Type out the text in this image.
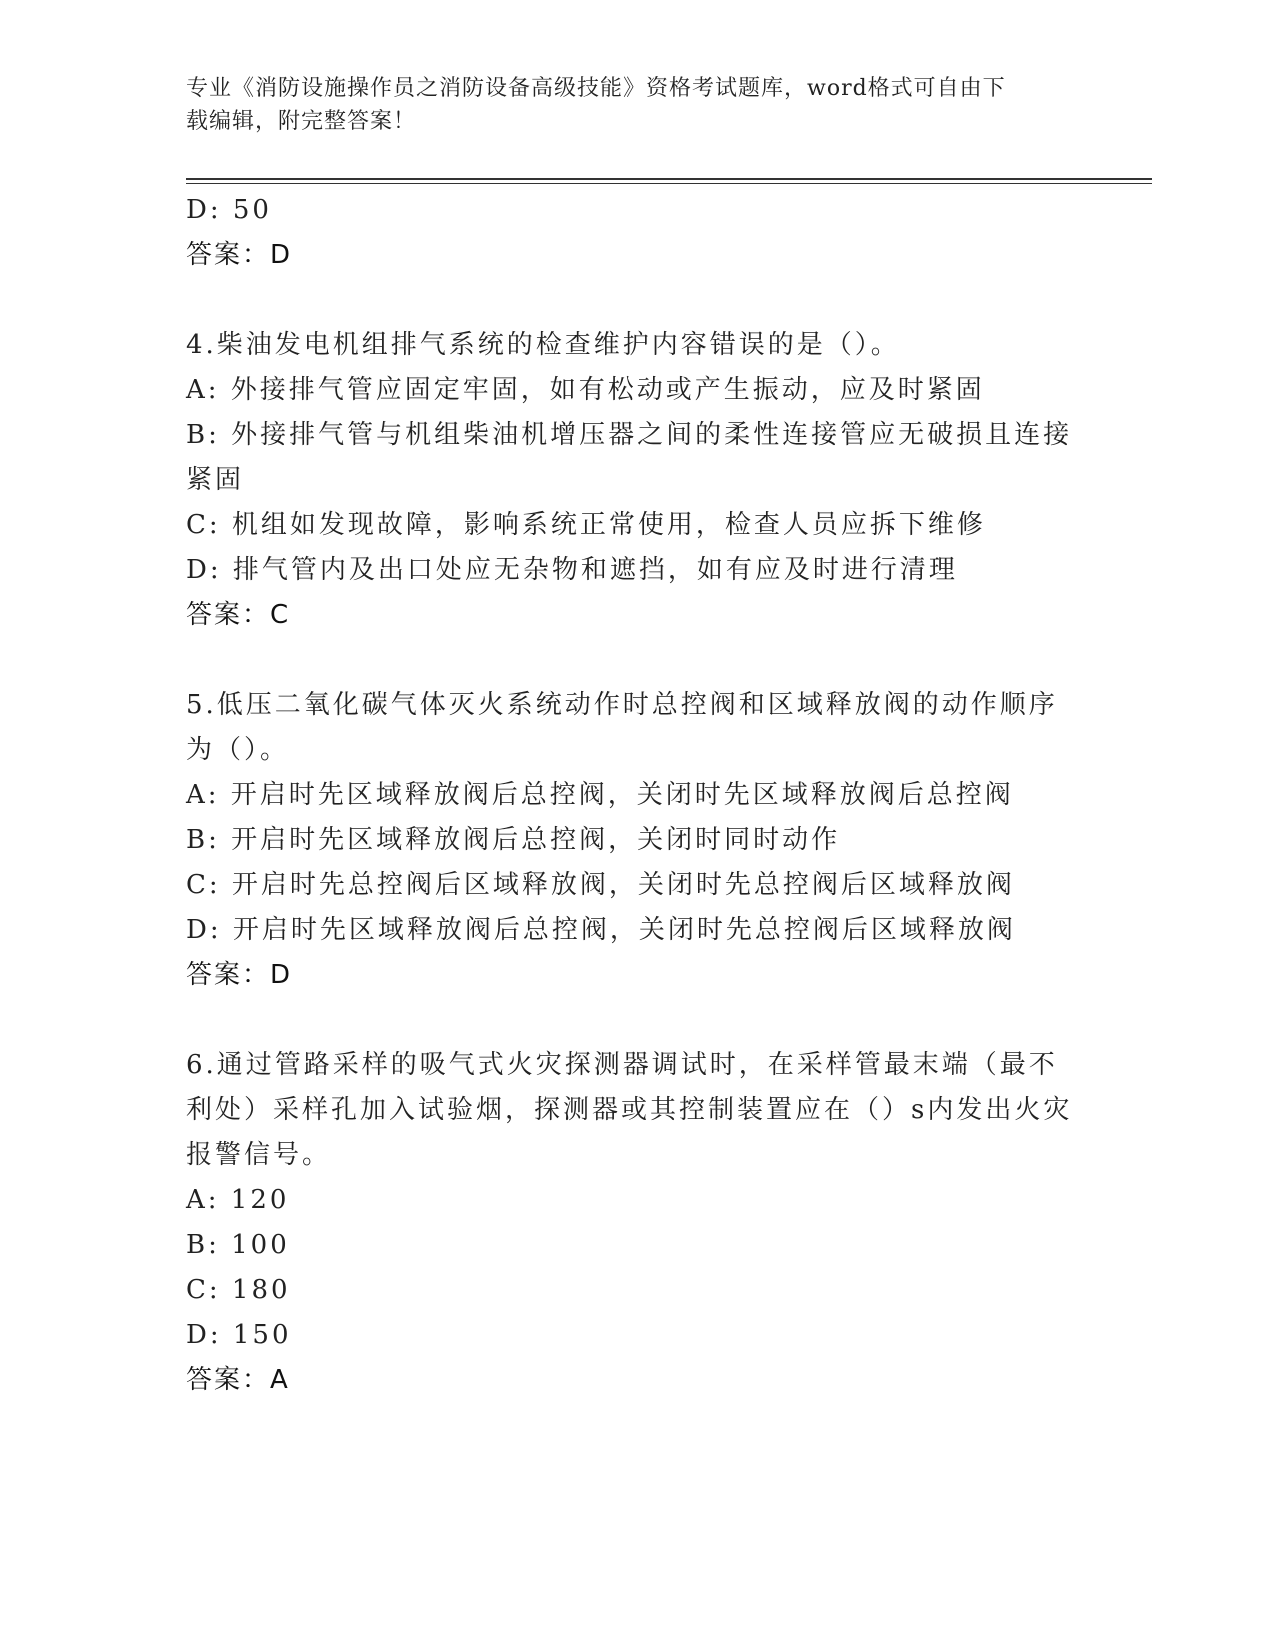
专业《消防设施操作员之消防设备高级技能》资格考试题库，word格式可自由下
载编辑，附完整答案！
D: 50
答案：D
4.柴油发电机组排气系统的检查维护内容错误的是（）。
A: 外接排气管应固定牢固，如有松动或产生振动，应及时紧固
B: 外接排气管与机组柴油机增压器之间的柔性连接管应无破损且连接
紧固
C: 机组如发现故障，影响系统正常使用，检查人员应拆下维修
D: 排气管内及出口处应无杂物和遮挡，如有应及时进行清理
答案：C
5.低压二氧化碳气体灭火系统动作时总控阀和区域释放阀的动作顺序
为（）。
A: 开启时先区域释放阀后总控阀，关闭时先区域释放阀后总控阀
B: 开启时先区域释放阀后总控阀，关闭时同时动作
C: 开启时先总控阀后区域释放阀，关闭时先总控阀后区域释放阀
D: 开启时先区域释放阀后总控阀，关闭时先总控阀后区域释放阀
答案：D
6.通过管路采样的吸气式火灾探测器调试时，在采样管最末端（最不
利处）采样孔加入试验烟，探测器或其控制装置应在（）s内发出火灾
报警信号。
A: 120
B: 100
C: 180
D: 150
答案：A
